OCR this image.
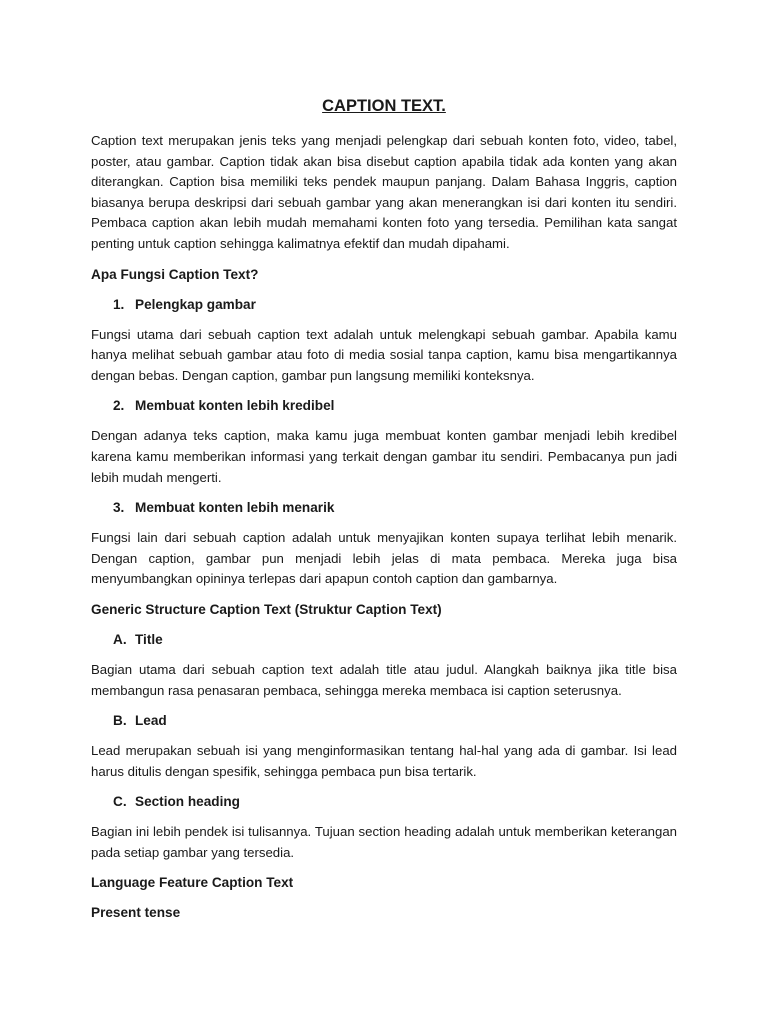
CAPTION TEXT.

Caption text merupakan jenis teks yang menjadi pelengkap dari sebuah konten foto, video, tabel, poster, atau gambar. Caption tidak akan bisa disebut caption apabila tidak ada konten yang akan diterangkan. Caption bisa memiliki teks pendek maupun panjang. Dalam Bahasa Inggris, caption biasanya berupa deskripsi dari sebuah gambar yang akan menerangkan isi dari konten itu sendiri. Pembaca caption akan lebih mudah memahami konten foto yang tersedia. Pemilihan kata sangat penting untuk caption sehingga kalimatnya efektif dan mudah dipahami.

Apa Fungsi Caption Text?
1. Pelengkap gambar

Fungsi utama dari sebuah caption text adalah untuk melengkapi sebuah gambar. Apabila kamu hanya melihat sebuah gambar atau foto di media sosial tanpa caption, kamu bisa mengartikannya dengan bebas. Dengan caption, gambar pun langsung memiliki konteksnya.

2. Membuat konten lebih kredibel

Dengan adanya teks caption, maka kamu juga membuat konten gambar menjadi lebih kredibel karena kamu memberikan informasi yang terkait dengan gambar itu sendiri. Pembacanya pun jadi lebih mudah mengerti.

3. Membuat konten lebih menarik

Fungsi lain dari sebuah caption adalah untuk menyajikan konten supaya terlihat lebih menarik. Dengan caption, gambar pun menjadi lebih jelas di mata pembaca. Mereka juga bisa menyumbangkan opininya terlepas dari apapun contoh caption dan gambarnya.

Generic Structure Caption Text (Struktur Caption Text)
A. Title

Bagian utama dari sebuah caption text adalah title atau judul. Alangkah baiknya jika title bisa membangun rasa penasaran pembaca, sehingga mereka membaca isi caption seterusnya.

B. Lead

Lead merupakan sebuah isi yang menginformasikan tentang hal-hal yang ada di gambar. Isi lead harus ditulis dengan spesifik, sehingga pembaca pun bisa tertarik.

C. Section heading

Bagian ini lebih pendek isi tulisannya. Tujuan section heading adalah untuk memberikan keterangan pada setiap gambar yang tersedia.

Language Feature Caption Text
Present tense
